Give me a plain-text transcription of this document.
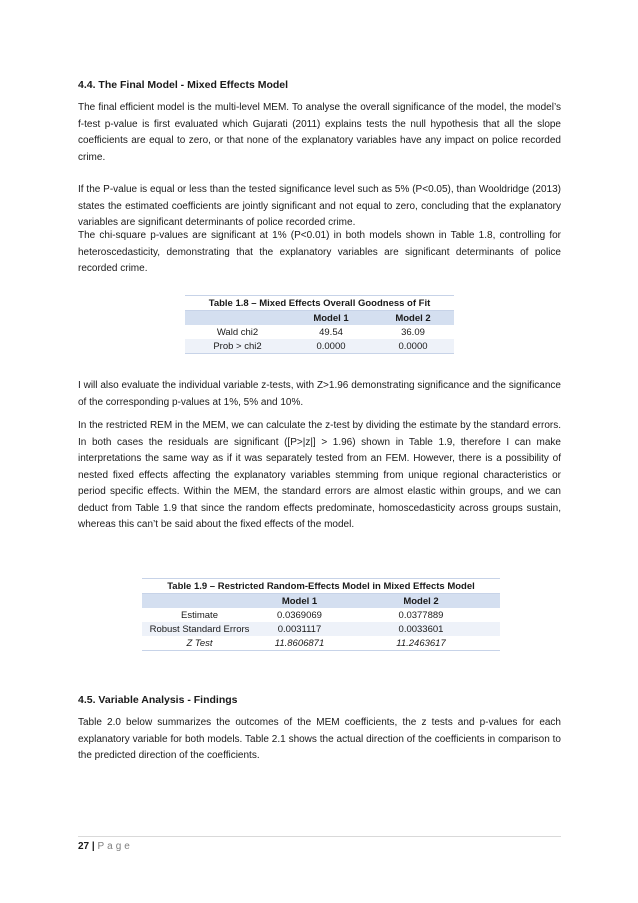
4.4. The Final Model - Mixed Effects Model

The final efficient model is the multi-level MEM. To analyse the overall significance of the model, the model’s f-test p-value is first evaluated which Gujarati (2011) explains tests the null hypothesis that all the slope coefficients are equal to zero, or that none of the explanatory variables have any impact on police recorded crime.

If the P-value is equal or less than the tested significance level such as 5% (P<0.05), than Wooldridge (2013) states the estimated coefficients are jointly significant and not equal to zero, concluding that the explanatory variables are significant determinants of police recorded crime.

The chi-square p-values are significant at 1% (P<0.01) in both models shown in Table 1.8, controlling for heteroscedasticity, demonstrating that the explanatory variables are significant determinants of police recorded crime.

Table 1.8 – Mixed Effects Overall Goodness of Fit		
	Model 1	Model 2
Wald chi2	49.54	36.09
Prob > chi2	0.0000	0.0000

I will also evaluate the individual variable z-tests, with Z>1.96 demonstrating significance and the significance of the corresponding p-values at 1%, 5% and 10%.

In the restricted REM in the MEM, we can calculate the z-test by dividing the estimate by the standard errors. In both cases the residuals are significant ([P>|z|] > 1.96) shown in Table 1.9, therefore I can make interpretations the same way as if it was separately tested from an FEM. However, there is a possibility of nested fixed effects affecting the explanatory variables stemming from unique regional characteristics or period specific effects. Within the MEM, the standard errors are almost elastic within groups, and we can deduct from Table 1.9 that since the random effects predominate, homoscedasticity across groups sustain, whereas this can’t be said about the fixed effects of the model.

Table 1.9 – Restricted Random-Effects Model in Mixed Effects Model		
	Model 1	Model 2
Estimate	0.0369069	0.0377889
Robust Standard Errors	0.0031117	0.0033601
Z Test	11.8606871	11.2463617
4.5. Variable Analysis - Findings

Table 2.0 below summarizes the outcomes of the MEM coefficients, the z tests and p-values for each explanatory variable for both models. Table 2.1 shows the actual direction of the coefficients in comparison to the predicted direction of the coefficients.

27 | Page
